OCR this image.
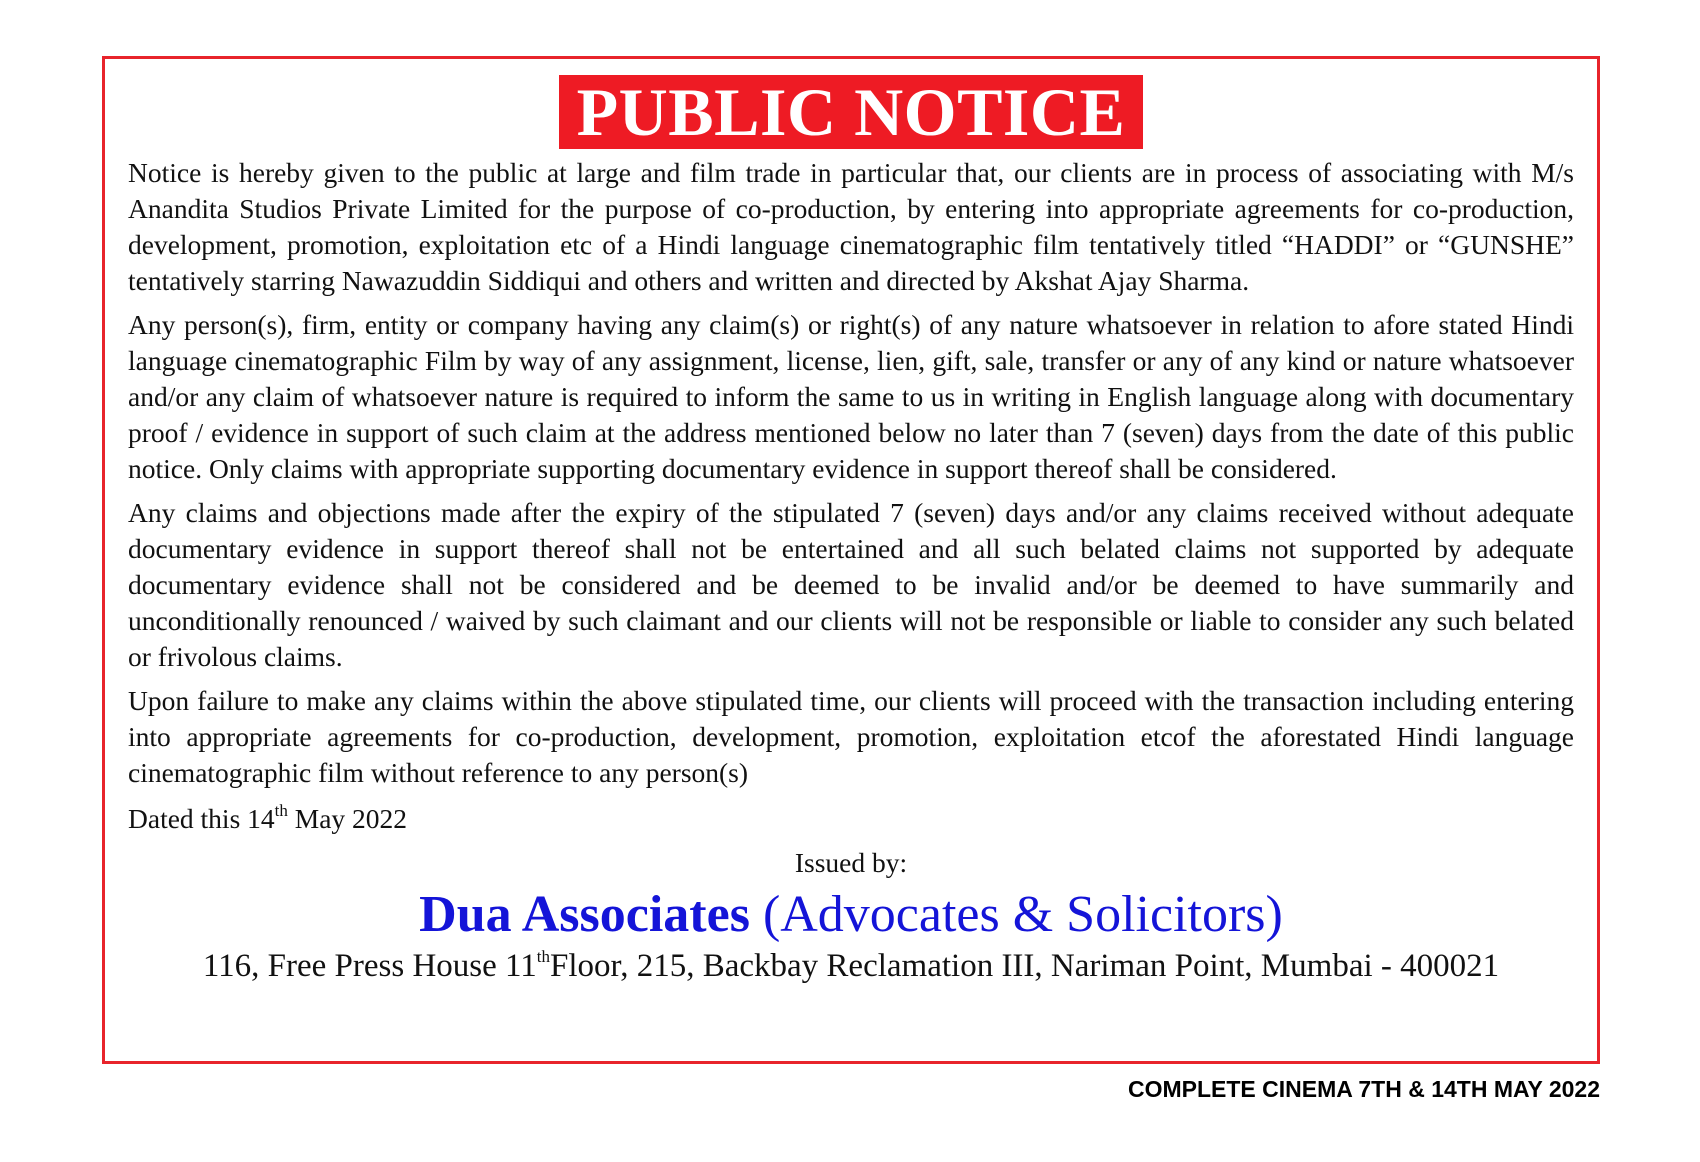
PUBLIC NOTICE

Notice is hereby given to the public at large and film trade in particular that, our clients are in process of associating with M/s Anandita Studios Private Limited for the purpose of co-production, by entering into appropriate agreements for co-production, development, promotion, exploitation etc of a Hindi language cinematographic film tentatively titled “HADDI” or “GUNSHE” tentatively starring Nawazuddin Siddiqui and others and written and directed by Akshat Ajay Sharma.

Any person(s), firm, entity or company having any claim(s) or right(s) of any nature whatsoever in relation to afore stated Hindi language cinematographic Film by way of any assignment, license, lien, gift, sale, transfer or any of any kind or nature whatsoever and/or any claim of whatsoever nature is required to inform the same to us in writing in English language along with documentary proof / evidence in support of such claim at the address mentioned below no later than 7 (seven) days from the date of this public notice. Only claims with appropriate supporting documentary evidence in support thereof shall be considered.

Any claims and objections made after the expiry of the stipulated 7 (seven) days and/or any claims received without adequate documentary evidence in support thereof shall not be entertained and all such belated claims not supported by adequate documentary evidence shall not be considered and be deemed to be invalid and/or be deemed to have summarily and unconditionally renounced / waived by such claimant and our clients will not be responsible or liable to consider any such belated or frivolous claims.

Upon failure to make any claims within the above stipulated time, our clients will proceed with the transaction including entering into appropriate agreements for co-production, development, promotion, exploitation etcof the aforestated Hindi language cinematographic film without reference to any person(s)

Dated this 14th May 2022

Issued by:

Dua Associates (Advocates & Solicitors)

116, Free Press House 11thFloor, 215, Backbay Reclamation III, Nariman Point, Mumbai - 400021

COMPLETE CINEMA 7TH & 14TH MAY 2022
